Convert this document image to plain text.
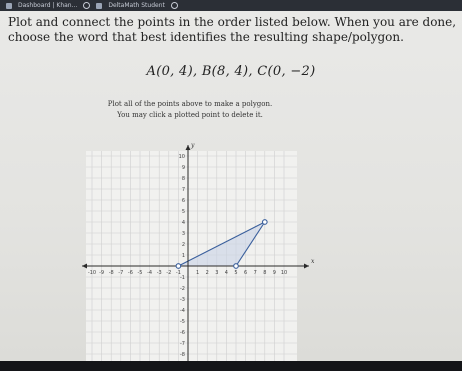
Dashboard | Khan...	DeltaMath Student
Plot and connect the points in the order listed below. When you are done, choose the word that best identifies the resulting shape/polygon.
A(0, 4), B(8, 4), C(0, −2)
Plot all of the points above to make a polygon.
You may click a plotted point to delete it.
-10 -9 -8 -7 -6 -5 -4 -3 -2 -1	1 2 3 4 5 6 7 8 9 10
10
9
8
7
6
5
4
3
2
1
-1
-2
-3
-4
-5
-6
-7
-8
x
y
